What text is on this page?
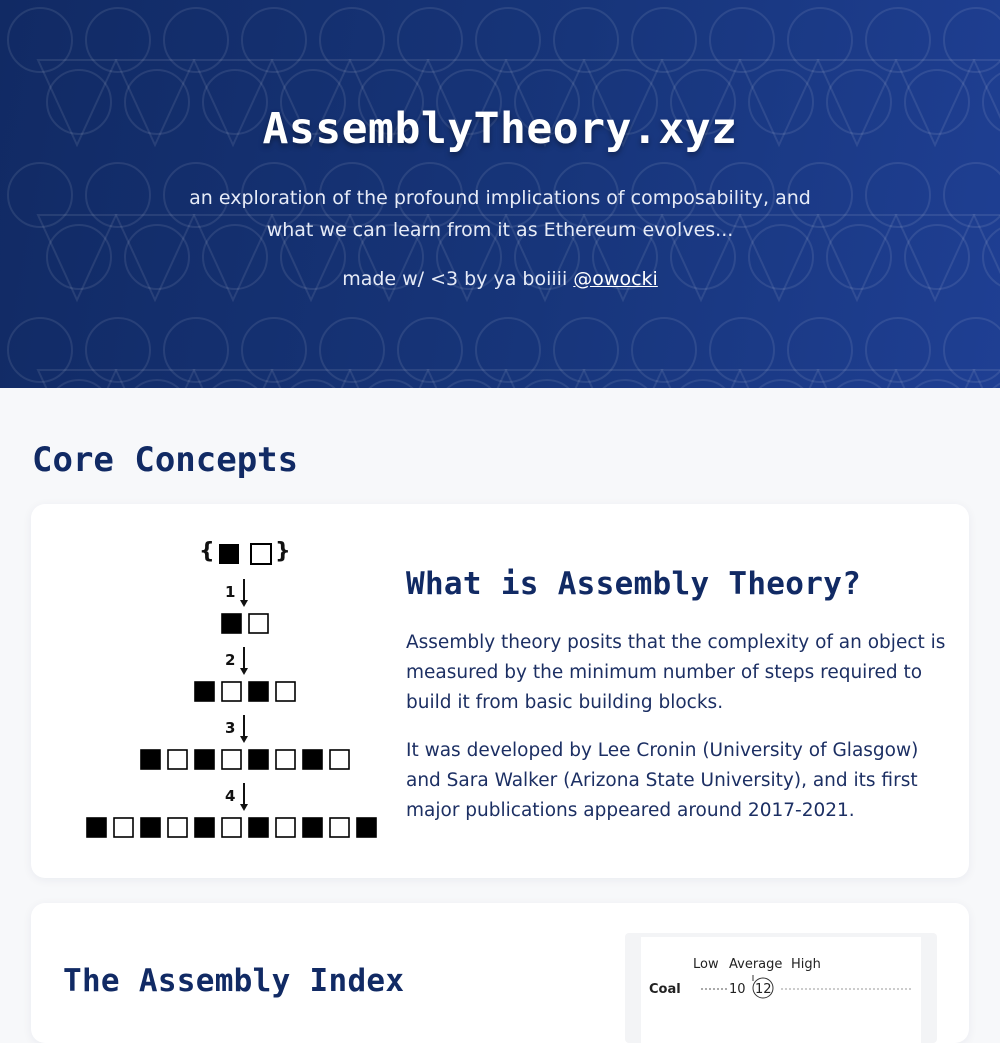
AssemblyTheory.xyz

an exploration of the profound implications of composability, and what we can learn from it as Ethereum evolves...

made w/ <3 by ya boiiii @owocki

Core Concepts
{	}
1
2
3
4
What is Assembly Theory?

Assembly theory posits that the complexity of an object is measured by the minimum number of steps required to build it from basic building blocks.

It was developed by Lee Cronin (University of Glasgow) and Sara Walker (Arizona State University), and its first major publications appeared around 2017-2021.

The Assembly Index	Low Average High
Coal	10 12
